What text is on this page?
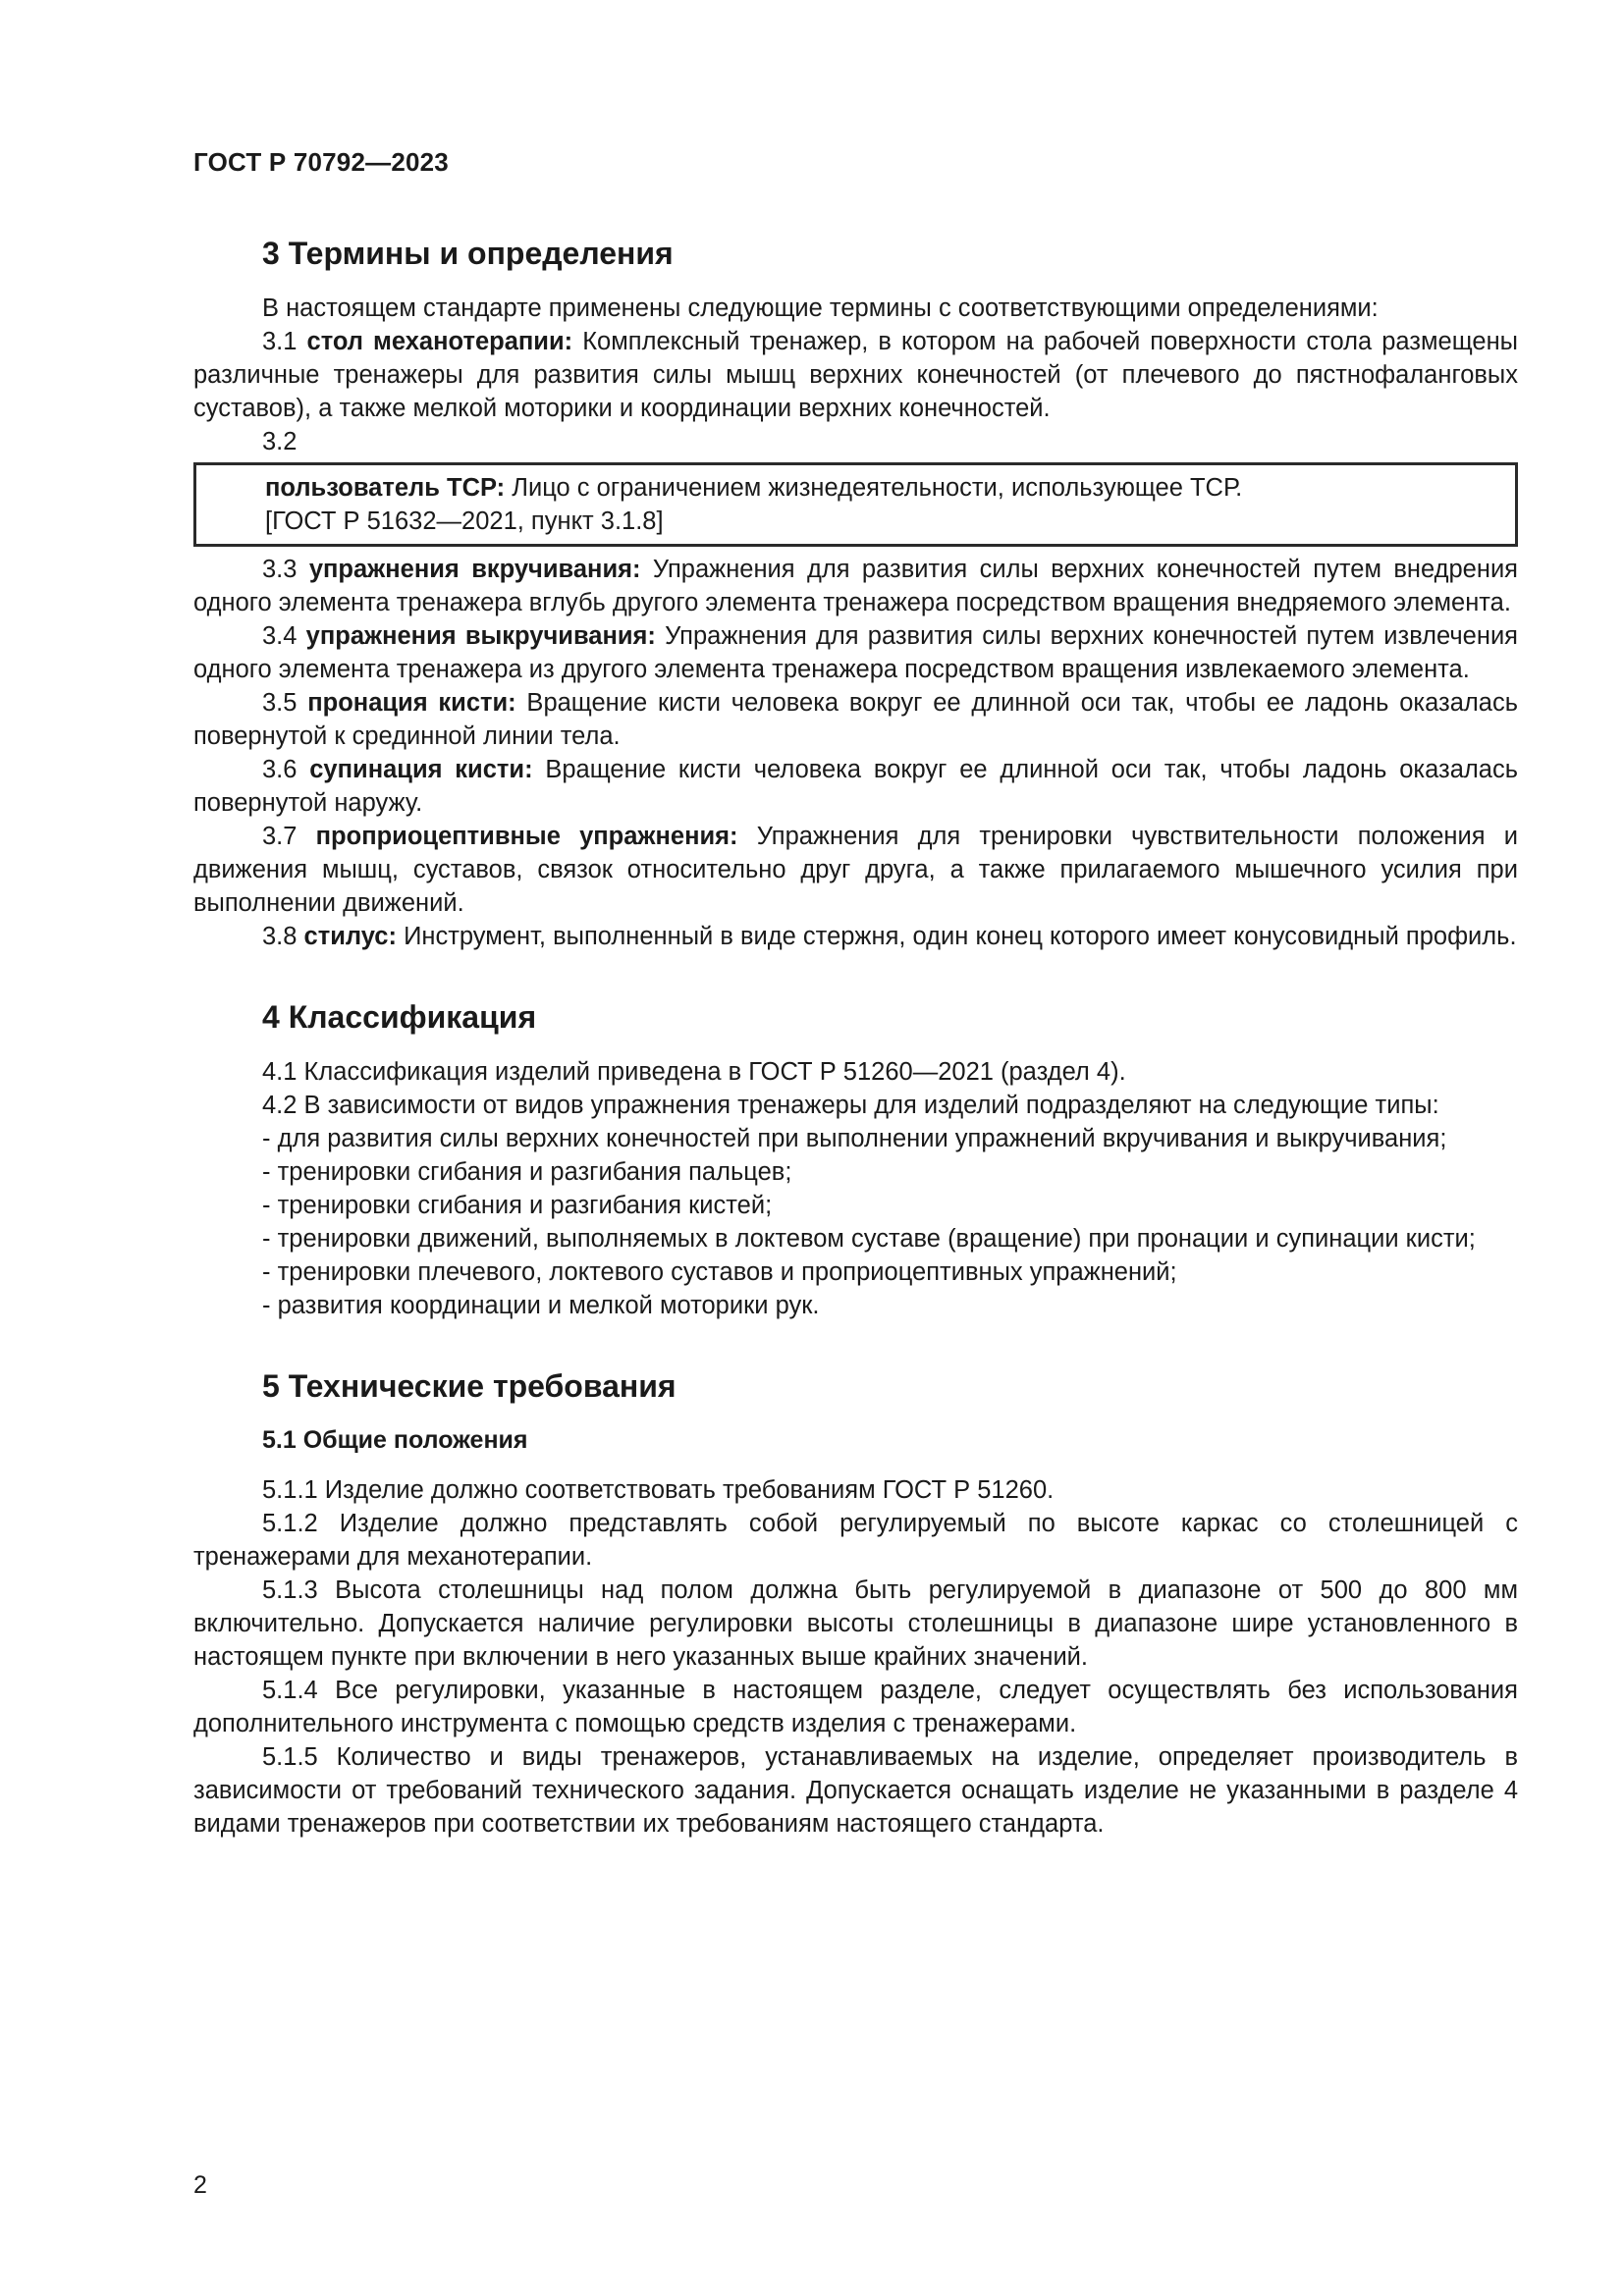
ГОСТ Р 70792—2023
3 Термины и определения

В настоящем стандарте применены следующие термины с соответствующими определениями:

3.1 стол механотерапии: Комплексный тренажер, в котором на рабочей поверхности стола размещены различные тренажеры для развития силы мышц верхних конечностей (от плечевого до пястнофаланговых суставов), а также мелкой моторики и координации верхних конечностей.

3.2

пользователь ТСР: Лицо с ограничением жизнедеятельности, использующее ТСР.

[ГОСТ Р 51632—2021, пункт 3.1.8]

3.3 упражнения вкручивания: Упражнения для развития силы верхних конечностей путем внедрения одного элемента тренажера вглубь другого элемента тренажера посредством вращения внедряемого элемента.

3.4 упражнения выкручивания: Упражнения для развития силы верхних конечностей путем извлечения одного элемента тренажера из другого элемента тренажера посредством вращения извлекаемого элемента.

3.5 пронация кисти: Вращение кисти человека вокруг ее длинной оси так, чтобы ее ладонь оказалась повернутой к срединной линии тела.

3.6 супинация кисти: Вращение кисти человека вокруг ее длинной оси так, чтобы ладонь оказалась повернутой наружу.

3.7 проприоцептивные упражнения: Упражнения для тренировки чувствительности положения и движения мышц, суставов, связок относительно друг друга, а также прилагаемого мышечного усилия при выполнении движений.

3.8 стилус: Инструмент, выполненный в виде стержня, один конец которого имеет конусовидный профиль.

4 Классификация

4.1 Классификация изделий приведена в ГОСТ Р 51260—2021 (раздел 4).

4.2 В зависимости от видов упражнения тренажеры для изделий подразделяют на следующие типы:

- для развития силы верхних конечностей при выполнении упражнений вкручивания и выкручивания;

- тренировки сгибания и разгибания пальцев;

- тренировки сгибания и разгибания кистей;

- тренировки движений, выполняемых в локтевом суставе (вращение) при пронации и супинации кисти;

- тренировки плечевого, локтевого суставов и проприоцептивных упражнений;

- развития координации и мелкой моторики рук.

5 Технические требования
5.1 Общие положения

5.1.1 Изделие должно соответствовать требованиям ГОСТ Р 51260.

5.1.2 Изделие должно представлять собой регулируемый по высоте каркас со столешницей с тренажерами для механотерапии.

5.1.3 Высота столешницы над полом должна быть регулируемой в диапазоне от 500 до 800 мм включительно. Допускается наличие регулировки высоты столешницы в диапазоне шире установленного в настоящем пункте при включении в него указанных выше крайних значений.

5.1.4 Все регулировки, указанные в настоящем разделе, следует осуществлять без использования дополнительного инструмента с помощью средств изделия с тренажерами.

5.1.5 Количество и виды тренажеров, устанавливаемых на изделие, определяет производитель в зависимости от требований технического задания. Допускается оснащать изделие не указанными в разделе 4 видами тренажеров при соответствии их требованиям настоящего стандарта.

2
